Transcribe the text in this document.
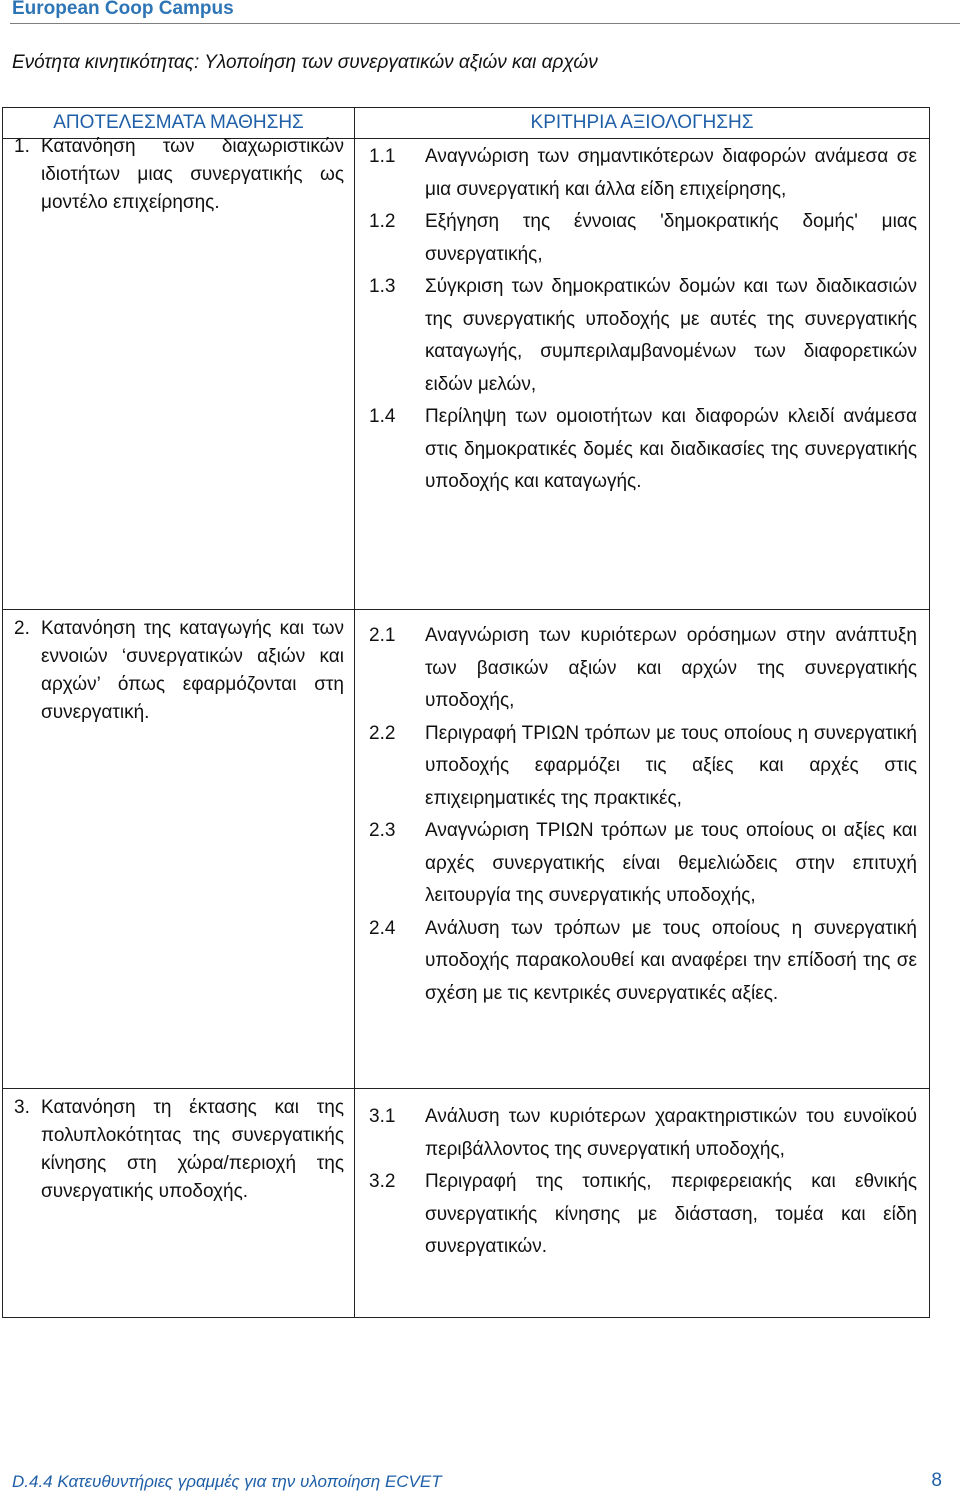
European Coop Campus
Ενότητα κινητικότητας: Υλοποίηση των συνεργατικών αξιών και αρχών
ΑΠΟΤΕΛΕΣΜΑΤΑ ΜΑΘΗΣΗΣ	ΚΡΙΤΗΡΙΑ ΑΞΙΟΛΟΓΗΣΗΣ

1. Κατανόηση των διαχωριστικών ιδιοτήτων μιας συνεργατικής ως μοντέλο επιχείρησης.	1.1 Αναγνώριση των σημαντικότερων διαφορών ανάμεσα σε μια συνεργατική και άλλα είδη επιχείρησης,
1.2 Εξήγηση της έννοιας 'δημοκρατικής δομής' μιας συνεργατικής,
1.3 Σύγκριση των δημοκρατικών δομών και των διαδικασιών της συνεργατικής υποδοχής με αυτές της συνεργατικής καταγωγής, συμπεριλαμβανομένων των διαφορετικών ειδών μελών,
1.4 Περίληψη των ομοιοτήτων και διαφορών κλειδί ανάμεσα στις δημοκρατικές δομές και διαδικασίες της συνεργατικής υποδοχής και καταγωγής.

2. Κατανόηση της καταγωγής και των εννοιών ‘συνεργατικών αξιών και αρχών’ όπως εφαρμόζονται στη συνεργατική.	2.1 Αναγνώριση των κυριότερων ορόσημων στην ανάπτυξη των βασικών αξιών και αρχών της συνεργατικής υποδοχής,
2.2 Περιγραφή ΤΡΙΩΝ τρόπων με τους οποίους η συνεργατική υποδοχής εφαρμόζει τις αξίες και αρχές στις επιχειρηματικές της πρακτικές,
2.3 Αναγνώριση ΤΡΙΩΝ τρόπων με τους οποίους οι αξίες και αρχές συνεργατικής είναι θεμελιώδεις στην επιτυχή λειτουργία της συνεργατικής υποδοχής,
2.4 Ανάλυση των τρόπων με τους οποίους η συνεργατική υποδοχής παρακολουθεί και αναφέρει την επίδοσή της σε σχέση με τις κεντρικές συνεργατικές αξίες.

3. Κατανόηση τη έκτασης και της πολυπλοκότητας της συνεργατικής κίνησης στη χώρα/περιοχή της συνεργατικής υποδοχής.	3.1 Ανάλυση των κυριότερων χαρακτηριστικών του ευνοϊκού περιβάλλοντος της συνεργατική υποδοχής,
3.2 Περιγραφή της τοπικής, περιφερειακής και εθνικής συνεργατικής κίνησης με διάσταση, τομέα και είδη συνεργατικών.
D.4.4 Κατευθυντήριες γραμμές για την υλοποίηση ECVET	8
